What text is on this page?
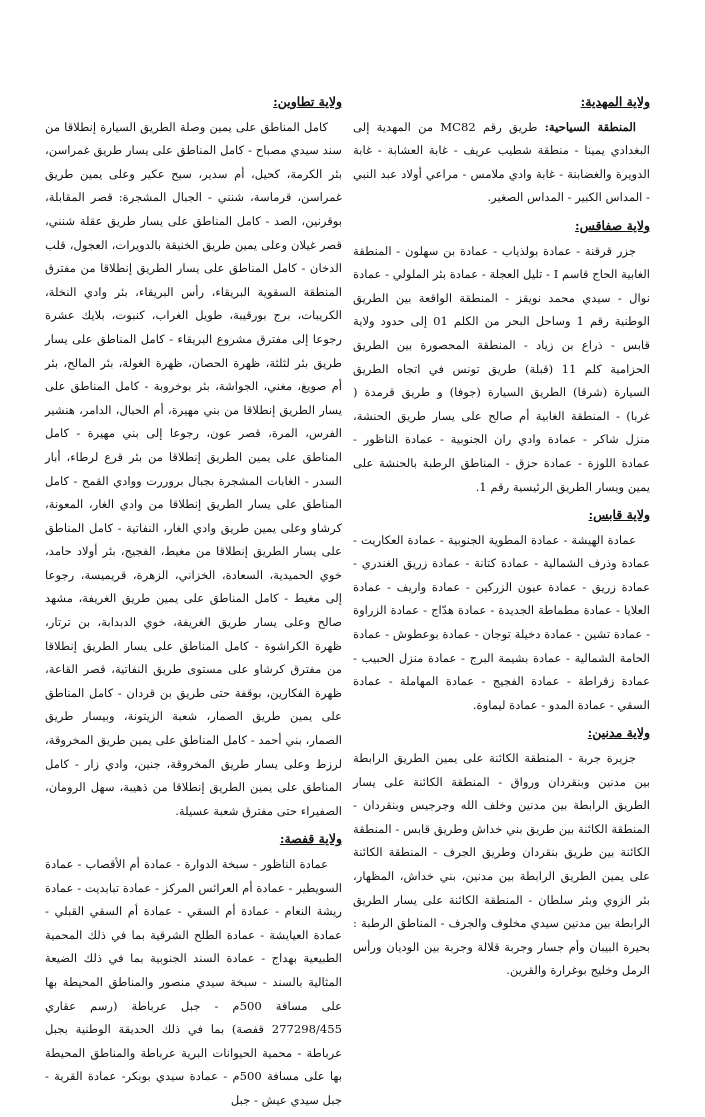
ولاية المهدية:

المنطقة السياحية: طريق رقم MC82 من المهدية إلى البغدادي يمينا - منطقة شطيب عريف - غابة العشابة - غابة الدويرة والغضابنة - غابة وادي ملامس - مراعي أولاد عبد النبي - المداس الكبير - المداس الصغير.

ولاية صفاقس:

جزر قرقنة - عمادة بولذياب - عمادة بن سهلون - المنطقة الغابية الحاج قاسم I - تليل العجلة - عمادة بئر الملولي - عمادة نوال - سيدي محمد نويقز - المنطقة الواقعة بين الطريق الوطنية رقم 1 وساحل البحر من الكلم 01 إلى حدود ولاية قابس - ذراع بن زياد - المنطقة المحصورة بين الطريق الحزامية كلم 11 (قبلة) طريق تونس في اتجاه الطريق السيارة (شرقا) الطريق السيارة (جوفا) و طريق قرمدة ( غربا) - المنطقة الغابية أم صالح على يسار طريق الحنشة، منزل شاكر - عمادة وادي ران الجنوبية - عمادة الناظور - عمادة اللوزة - عمادة حزق - المناطق الرطبة بالحنشة على يمين ويسار الطريق الرئيسية رقم 1.

ولاية قابس:

عمادة الهيشة - عمادة المطوية الجنوبية - عمادة العكاريت - عمادة وذرف الشمالية - عمادة كتانة - عمادة زريق الغندري - عمادة زريق - عمادة عيون الزركين - عمادة واريف - عمادة العلايا - عمادة مطماطة الجديدة - عمادة هدّاج - عمادة الزراوة - عمادة تشين - عمادة دخيلة توجان - عمادة بوعطوش - عمادة الحامة الشمالية - عمادة بشيمة البرج - عمادة منزل الحبيب - عمادة زقراطة - عمادة الفجيج - عمادة المهاملة - عمادة السقي - عمادة المدو - عمادة ليماوة.

ولاية مدنين:

جزيرة جربة - المنطقة الكائنة على يمين الطريق الرابطة بين مدنين وبنقردان ورواق - المنطقة الكائنة على يسار الطريق الرابطة بين مدنين وخلف الله وجرجيس وبنقردان - المنطقة الكائنة بين طريق بني خداش وطريق قابس - المنطقة الكائنة بين طريق بنقردان وطريق الجرف - المنطقة الكائنة على يمين الطريق الرابطة بين مدنين، بني خداش، المظهار، بئر الزوي وبئر سلطان - المنطقة الكائنة على يسار الطريق الرابطة بين مدنين سيدي مخلوف والجرف - المناطق الرطبة : بحيرة البيبان وأم جسار وجربة قلالة وجربة بين الوديان ورأس الرمل وخليج بوغرارة والقرين.

ولاية تطاوين:

كامل المناطق على يمين وصلة الطريق السيارة إنطلاقا من سند سيدي مصباح - كامل المناطق على يسار طريق غمراسن، بئر الكرمة، كحيل، أم سدير، سيح عكير وعلى يمين طريق غمراسن، قرماسة، شنني - الجبال المشجرة: قصر المقابلة، بوقرنين، الصد - كامل المناطق على يسار طريق عقلة شنني، قصر غيلان وعلى يمين طريق الخنيقة بالدويرات، العجول، قلب الدخان - كامل المناطق على يسار الطريق إنطلاقا من مفترق المنطقة السقوية البريقاء، رأس البريقاء، بئر وادي النخلة، الكريبات، برج بورقيبة، طويل الغراب، كنبوت، بلايك عشرة رجوعا إلى مفترق مشروع البريقاء - كامل المناطق على يسار طريق بئر لثلثة، ظهرة الحصان، ظهرة الغولة، بئر المالح، بئر أم صويغ، مغني، الجواشة، بئر بوخروبة - كامل المناطق على يسار الطريق إنطلاقا من بني مهيرة، أم الحبال، الدامر، هنشير الفرس، المرة، قصر عون، رجوعا إلى بني مهيرة - كامل المناطق على يمين الطريق إنطلاقا من بئر قرع لرطاء، أبار السدر - الغابات المشجرة بجبال بروررت ووادي القمح - كامل المناطق على يسار الطريق إنطلاقا من وادي الغار، المعونة، كرشاو وعلى يمين طريق وادي الغار، النفاتية - كامل المناطق على يسار الطريق إنطلاقا من مغيط، الفجيج، بئر أولاد حامد، خوي الحميدية، السعادة، الخزاني، الزهرة، قريميسة، رجوعا إلى مغيط - كامل المناطق على يمين طريق الغريفة، مشهد صالح وعلى يسار طريق الغريفة، خوي الدبدابة، بن ترتار، ظهرة الكراشوة - كامل المناطق على يسار الطريق إنطلاقا من مفترق كرشاو على مستوى طريق النفاتية، قصر القاعة، ظهرة الفكارين، بوقفة حتى طريق بن قردان - كامل المناطق على يمين طريق الصمار، شعبة الزيتونة، وبيسار طريق الصمار، بني أحمد - كامل المناطق على يمين طريق المخروقة، لرزط وعلى يسار طريق المخروقة، جنين، وادي زار - كامل المناطق على يمين الطريق إنطلاقا من ذهيبة، سهل الرومان، الصفيراء حتى مفترق شعبة عسيلة.

ولاية قفصة:

عمادة الناظور - سبخة الدوارة - عمادة أم الأقصاب - عمادة السويطير - عمادة أم العرائس المركز - عمادة تبابديت - عمادة ريشة النعام - عمادة أم السقي - عمادة أم السقي القبلي - عمادة العيايشة - عمادة الطلح الشرقية بما في ذلك المحمية الطبيعية بهداج - عمادة السند الجنوبية بما في ذلك الضيعة المثالية بالسند - سبخة سيدي منصور والمناطق المحيطة بها على مسافة 500م - جبل عرباطة (رسم عقاري 277298/455 قفصة) بما في ذلك الحديقة الوطنية بجبل عرباطة - محمية الحيوانات البرية عرباطة والمناطق المحيطة بها على مسافة 500م - عمادة سيدي بوبكر- عمادة القرية - جبل سيدي عيش - جبل
